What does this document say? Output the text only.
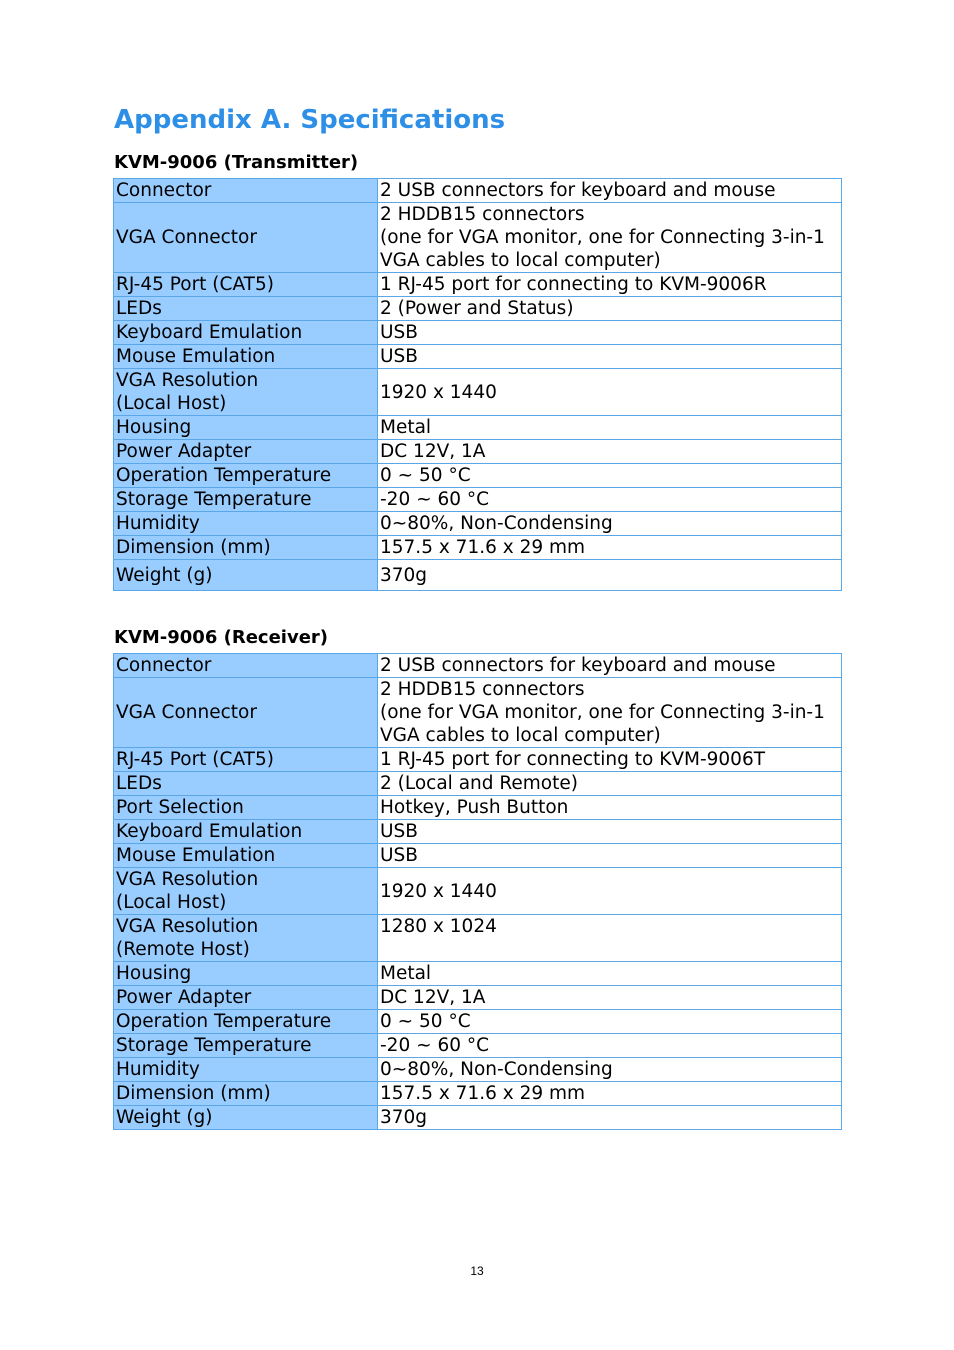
Appendix A. Specifications
KVM-9006 (Transmitter)
Connector	2 USB connectors for keyboard and mouse

VGA Connector	2 HDDB15 connectors
(one for VGA monitor, one for Connecting 3-in-1
VGA cables to local computer)

RJ-45 Port (CAT5)	1 RJ-45 port for connecting to KVM-9006R

LEDs	2 (Power and Status)

Keyboard Emulation	USB

Mouse Emulation	USB

VGA Resolution
(Local Host)	1920 x 1440

Housing	Metal

Power Adapter	DC 12V, 1A

Operation Temperature	0 ~ 50 °C

Storage Temperature	-20 ~ 60 °C

Humidity	0~80%, Non-Condensing

Dimension (mm)	157.5 x 71.6 x 29 mm

Weight (g)	370g
KVM-9006 (Receiver)
Connector	2 USB connectors for keyboard and mouse

VGA Connector	2 HDDB15 connectors
(one for VGA monitor, one for Connecting 3-in-1
VGA cables to local computer)

RJ-45 Port (CAT5)	1 RJ-45 port for connecting to KVM-9006T

LEDs	2 (Local and Remote)

Port Selection	Hotkey, Push Button

Keyboard Emulation	USB

Mouse Emulation	USB

VGA Resolution
(Local Host)	1920 x 1440

VGA Resolution
(Remote Host)	1280 x 1024

Housing	Metal

Power Adapter	DC 12V, 1A

Operation Temperature	0 ~ 50 °C

Storage Temperature	-20 ~ 60 °C

Humidity	0~80%, Non-Condensing

Dimension (mm)	157.5 x 71.6 x 29 mm

Weight (g)	370g
13
